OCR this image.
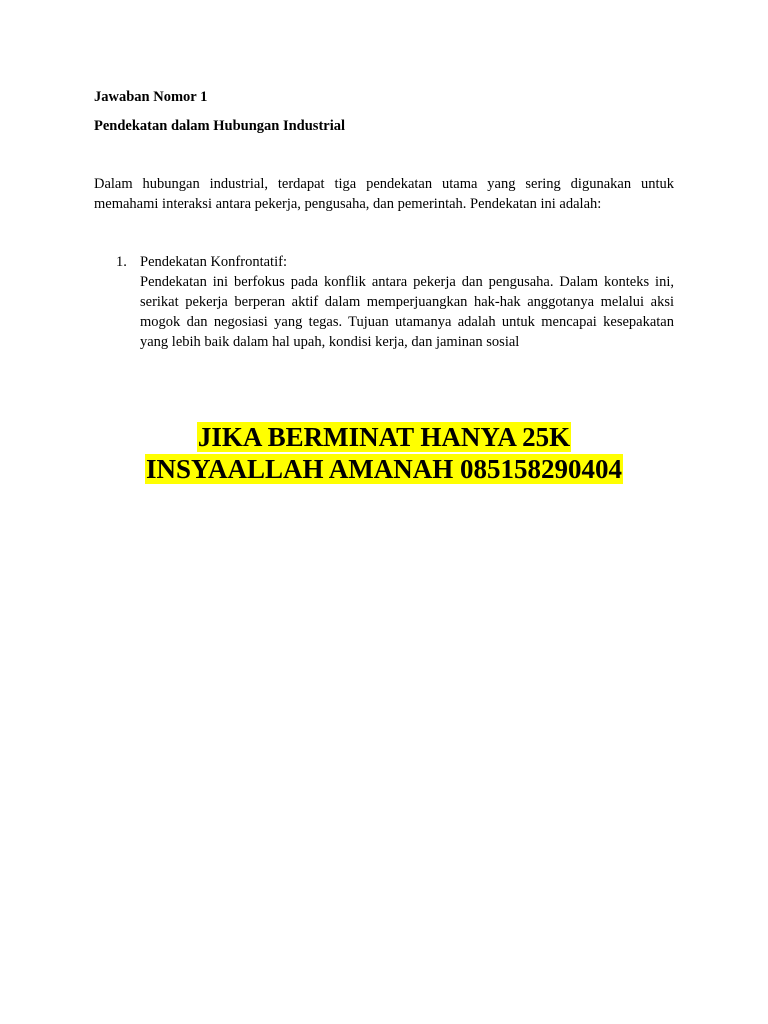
Jawaban Nomor 1
Pendekatan dalam Hubungan Industrial
Dalam hubungan industrial, terdapat tiga pendekatan utama yang sering digunakan untuk memahami interaksi antara pekerja, pengusaha, dan pemerintah. Pendekatan ini adalah:
1. Pendekatan Konfrontatif:
Pendekatan ini berfokus pada konflik antara pekerja dan pengusaha. Dalam konteks ini, serikat pekerja berperan aktif dalam memperjuangkan hak-hak anggotanya melalui aksi mogok dan negosiasi yang tegas. Tujuan utamanya adalah untuk mencapai kesepakatan yang lebih baik dalam hal upah, kondisi kerja, dan jaminan sosial
JIKA BERMINAT HANYA 25K
INSYAALLAH AMANAH 085158290404
